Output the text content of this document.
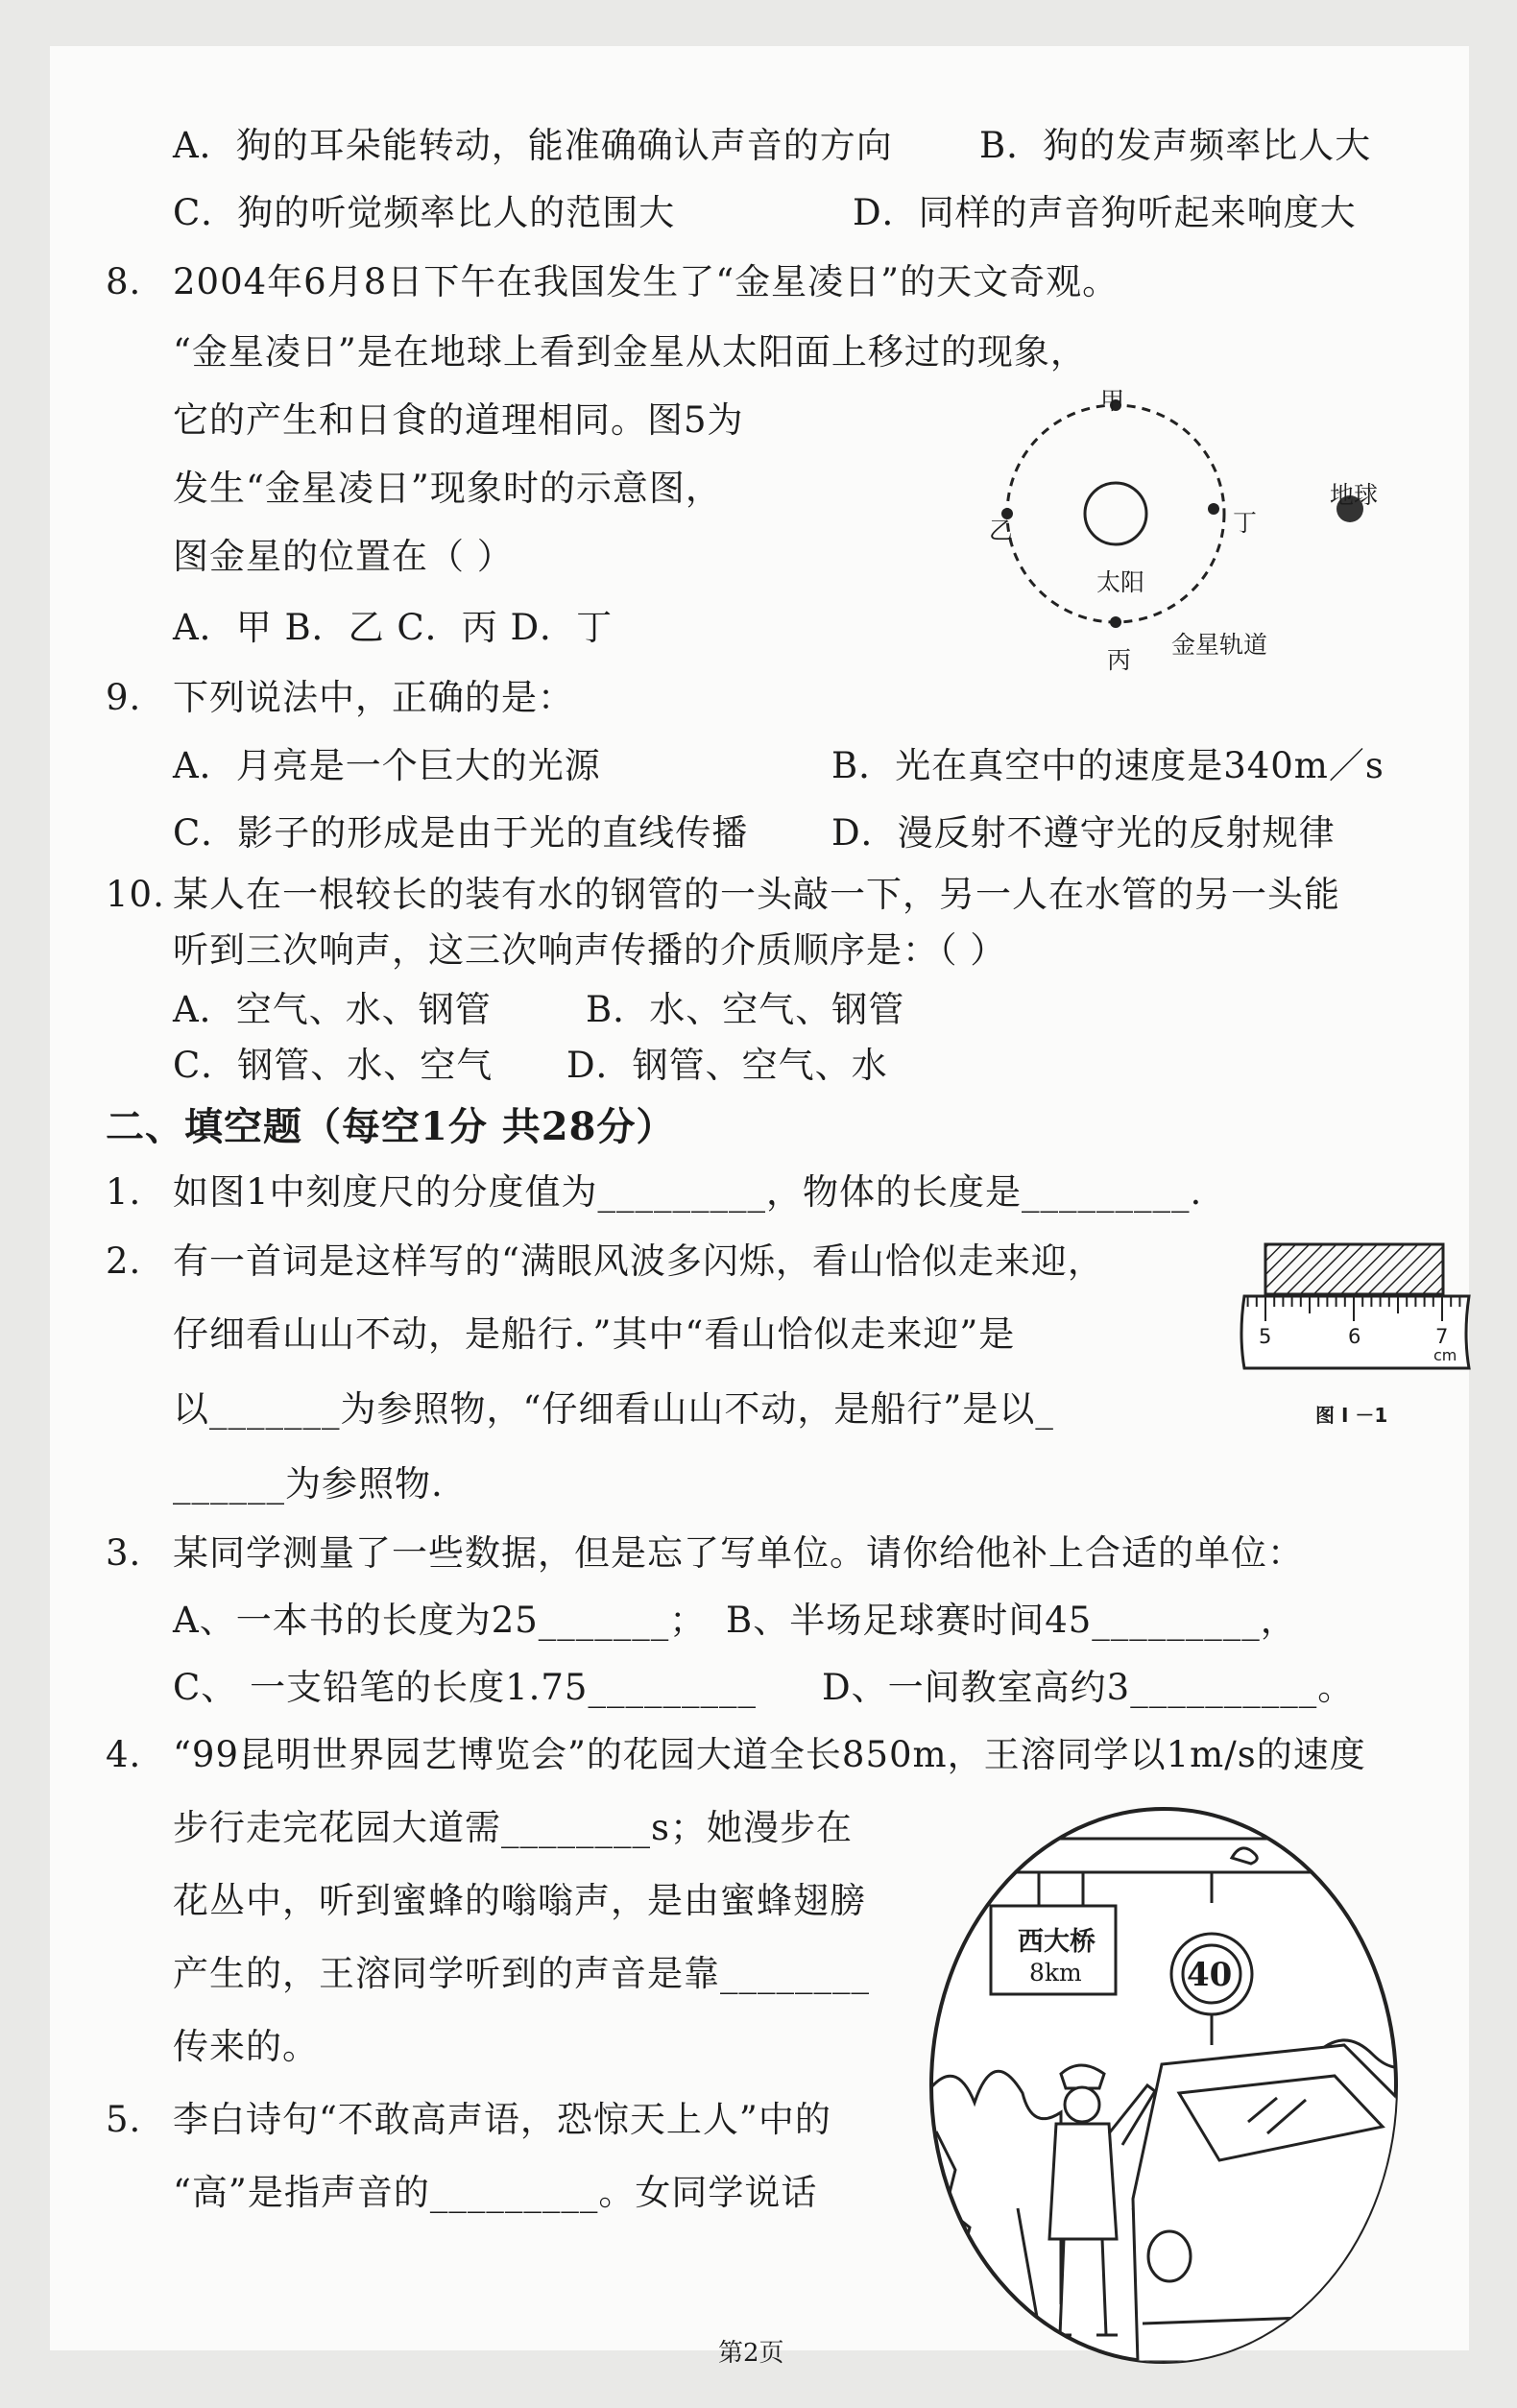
A．狗的耳朵能转动，能准确确认声音的方向 B．狗的发声频率比人大
C．狗的听觉频率比人的范围大	D．同样的声音狗听起来响度大
8. 2004年6月8日下午在我国发生了“金星凌日”的天文奇观。
“金星凌日”是在地球上看到金星从太阳面上移过的现象，
它的产生和日食的道理相同。图5为
发生“金星凌日”现象时的示意图，
图金星的位置在（ ）
A．甲 B．乙 C．丙 D．丁
甲
乙
丙
丁
太阳
地球
金星轨道
9. 下列说法中，正确的是：
A．月亮是一个巨大的光源	B．光在真空中的速度是340m／s
C．影子的形成是由于光的直线传播 D．漫反射不遵守光的反射规律
10. 某人在一根较长的装有水的钢管的一头敲一下，另一人在水管的另一头能
听到三次响声，这三次响声传播的介质顺序是：（ ）
A．空气、水、钢管	B．水、空气、钢管
C．钢管、水、空气 D．钢管、空气、水
二、填空题（每空1分 共28分）
1. 如图1中刻度尺的分度值为_________，物体的长度是_________.
5	6	7
cm
图 I －1
2. 有一首词是这样写的“满眼风波多闪烁，看山恰似走来迎，
仔细看山山不动，是船行．”其中“看山恰似走来迎”是
以_______为参照物，“仔细看山山不动，是船行”是以_
______为参照物.
3. 某同学测量了一些数据，但是忘了写单位。请你给他补上合适的单位：
A、一本书的长度为25_______； B、半场足球赛时间45_________，
C、 一支铅笔的长度1.75_________ D、一间教室高约3__________。
4. “99昆明世界园艺博览会”的花园大道全长850m，王溶同学以1m/s的速度
步行走完花园大道需________s；她漫步在
花丛中，听到蜜蜂的嗡嗡声，是由蜜蜂翅膀
产生的，王溶同学听到的声音是靠________
传来的。
5. 李白诗句“不敢高声语，恐惊天上人”中的
“高”是指声音的_________。女同学说话
西大桥
8km	40
第2页
